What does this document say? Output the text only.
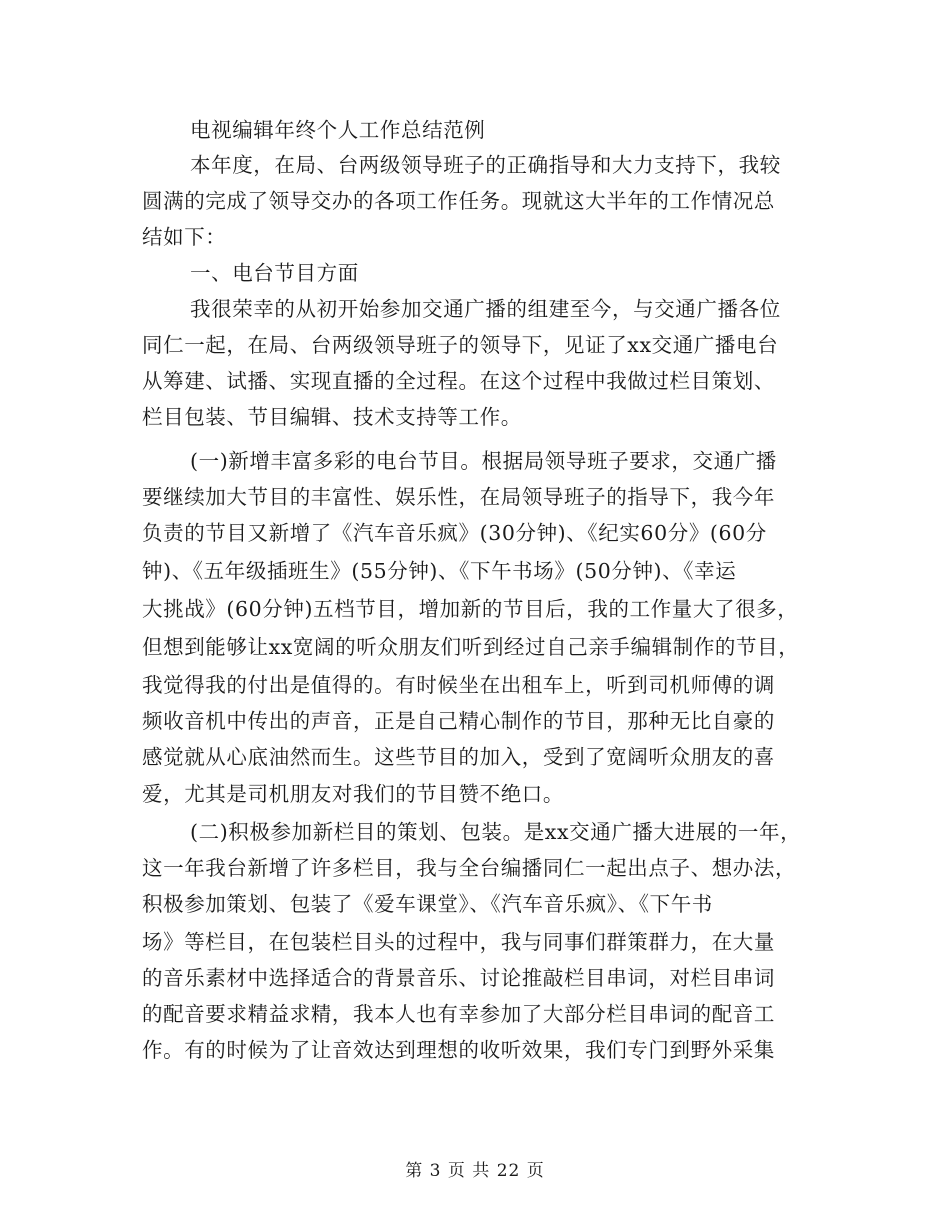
电视编辑年终个人工作总结范例
本年度，在局、台两级领导班子的正确指导和大力支持下，我较
圆满的完成了领导交办的各项工作任务。现就这大半年的工作情况总
结如下：
一、电台节目方面
我很荣幸的从初开始参加交通广播的组建至今，与交通广播各位
同仁一起，在局、台两级领导班子的领导下，见证了xx交通广播电台
从筹建、试播、实现直播的全过程。在这个过程中我做过栏目策划、
栏目包装、节目编辑、技术支持等工作。
(一)新增丰富多彩的电台节目。根据局领导班子要求，交通广播
要继续加大节目的丰富性、娱乐性，在局领导班子的指导下，我今年
负责的节目又新增了《汽车音乐疯》(30分钟)、《纪实60分》(60分
钟)、《五年级插班生》(55分钟)、《下午书场》(50分钟)、《幸运
大挑战》(60分钟)五档节目，增加新的节目后，我的工作量大了很多，
但想到能够让xx宽阔的听众朋友们听到经过自己亲手编辑制作的节目，
我觉得我的付出是值得的。有时候坐在出租车上，听到司机师傅的调
频收音机中传出的声音，正是自己精心制作的节目，那种无比自豪的
感觉就从心底油然而生。这些节目的加入，受到了宽阔听众朋友的喜
爱，尤其是司机朋友对我们的节目赞不绝口。
(二)积极参加新栏目的策划、包装。是xx交通广播大进展的一年，
这一年我台新增了许多栏目，我与全台编播同仁一起出点子、想办法，
积极参加策划、包装了《爱车课堂》、《汽车音乐疯》、《下午书
场》等栏目，在包装栏目头的过程中，我与同事们群策群力，在大量
的音乐素材中选择适合的背景音乐、讨论推敲栏目串词，对栏目串词
的配音要求精益求精，我本人也有幸参加了大部分栏目串词的配音工
作。有的时候为了让音效达到理想的收听效果，我们专门到野外采集
第 3 页 共 22 页
